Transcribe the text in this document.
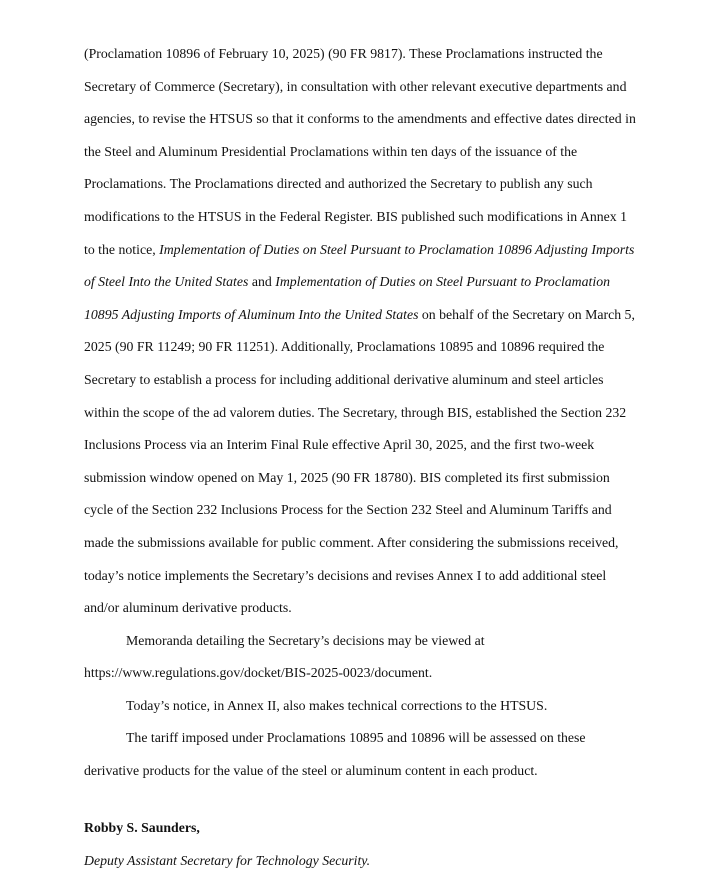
(Proclamation 10896 of February 10, 2025) (90 FR 9817). These Proclamations instructed the Secretary of Commerce (Secretary), in consultation with other relevant executive departments and agencies, to revise the HTSUS so that it conforms to the amendments and effective dates directed in the Steel and Aluminum Presidential Proclamations within ten days of the issuance of the Proclamations. The Proclamations directed and authorized the Secretary to publish any such modifications to the HTSUS in the Federal Register. BIS published such modifications in Annex 1 to the notice, Implementation of Duties on Steel Pursuant to Proclamation 10896 Adjusting Imports of Steel Into the United States and Implementation of Duties on Steel Pursuant to Proclamation 10895 Adjusting Imports of Aluminum Into the United States on behalf of the Secretary on March 5, 2025 (90 FR 11249; 90 FR 11251). Additionally, Proclamations 10895 and 10896 required the Secretary to establish a process for including additional derivative aluminum and steel articles within the scope of the ad valorem duties. The Secretary, through BIS, established the Section 232 Inclusions Process via an Interim Final Rule effective April 30, 2025, and the first two-week submission window opened on May 1, 2025 (90 FR 18780). BIS completed its first submission cycle of the Section 232 Inclusions Process for the Section 232 Steel and Aluminum Tariffs and made the submissions available for public comment. After considering the submissions received, today’s notice implements the Secretary’s decisions and revises Annex I to add additional steel and/or aluminum derivative products.

Memoranda detailing the Secretary’s decisions may be viewed at

https://www.regulations.gov/docket/BIS-2025-0023/document.

Today’s notice, in Annex II, also makes technical corrections to the HTSUS.

The tariff imposed under Proclamations 10895 and 10896 will be assessed on these derivative products for the value of the steel or aluminum content in each product.

Robby S. Saunders,

Deputy Assistant Secretary for Technology Security.
